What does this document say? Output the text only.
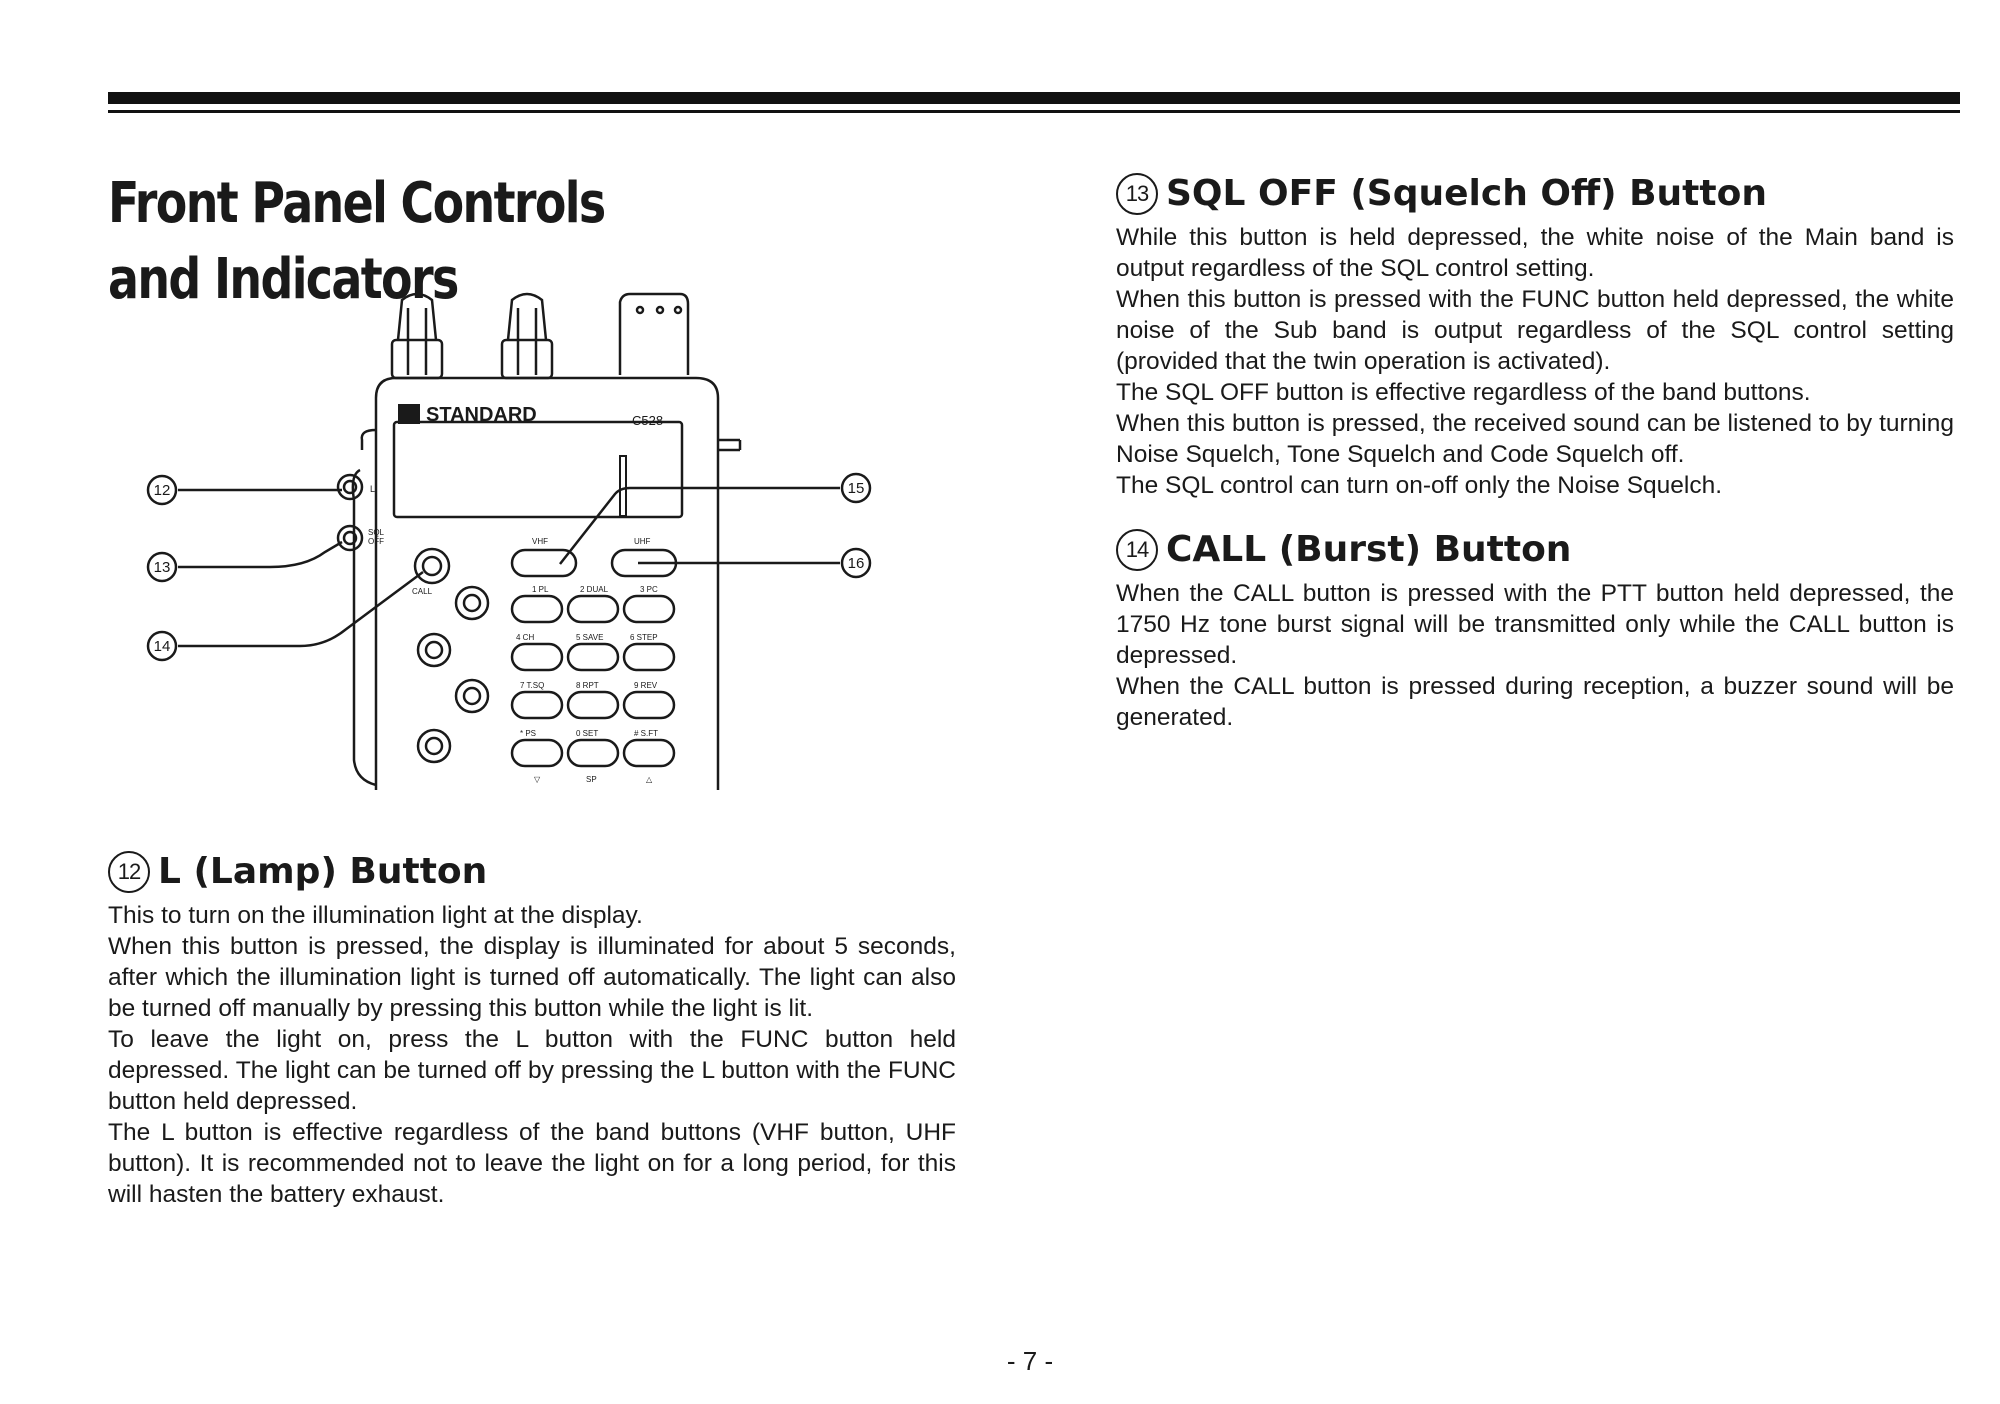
Front Panel Controls and Indicators
12
13
14
15
16
STANDARD	C528
L
SQL
OFF
CALL
VHF	UHF
1 PL	2 DUAL	3 PC
4 CH	5 SAVE	6 STEP
7 T.SQ	8 RPT	9 REV
* PS	0 SET	# S.FT
▽	SP	△
12 L (Lamp) Button

This to turn on the illumination light at the display.

When this button is pressed, the display is illuminated for about 5 seconds, after which the illumination light is turned off automatically. The light can also be turned off manually by pressing this button while the light is lit.

To leave the light on, press the L button with the FUNC button held depressed. The light can be turned off by pressing the L button with the FUNC button held depressed.

The L button is effective regardless of the band buttons (VHF button, UHF button). It is recommended not to leave the light on for a long period, for this will hasten the battery exhaust.

13 SQL OFF (Squelch Off) Button

While this button is held depressed, the white noise of the Main band is output regardless of the SQL control setting.

When this button is pressed with the FUNC button held depressed, the white noise of the Sub band is output regardless of the SQL control setting (provided that the twin operation is activated).

The SQL OFF button is effective regardless of the band buttons.

When this button is pressed, the received sound can be listened to by turning Noise Squelch, Tone Squelch and Code Squelch off.

The SQL control can turn on-off only the Noise Squelch.

14 CALL (Burst) Button

When the CALL button is pressed with the PTT button held depressed, the 1750 Hz tone burst signal will be transmitted only while the CALL button is depressed.

When the CALL button is pressed during reception, a buzzer sound will be generated.

- 7 -
